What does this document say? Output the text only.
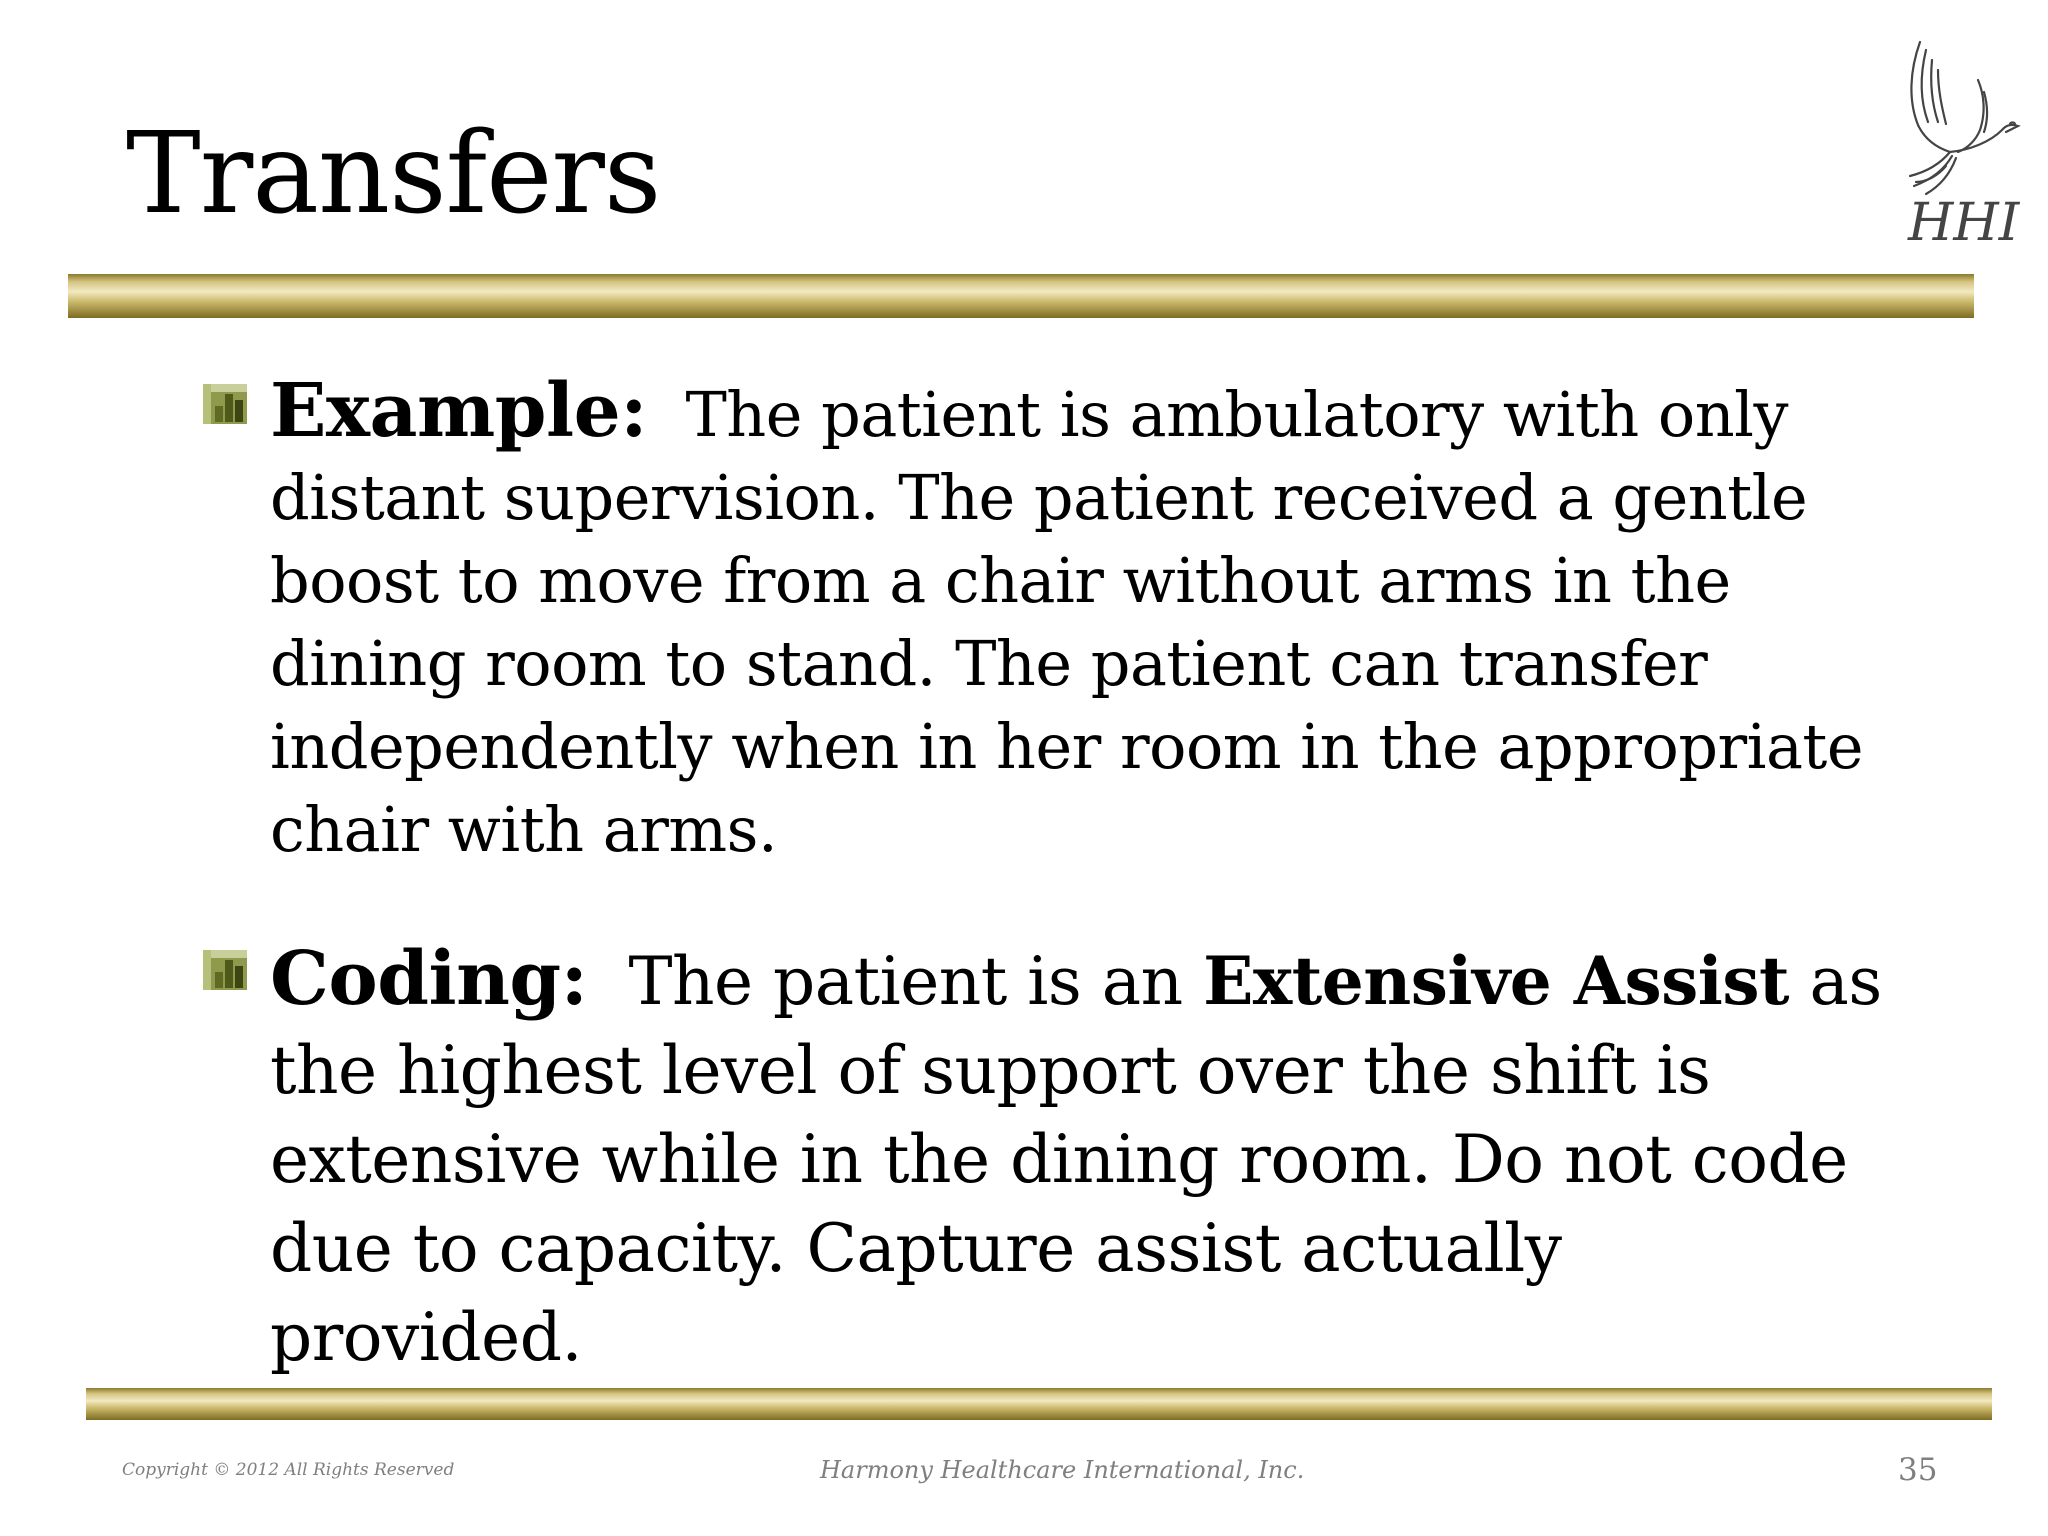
Transfers	HHI
Example: The patient is ambulatory with only
distant supervision. The patient received a gentle
boost to move from a chair without arms in the
dining room to stand. The patient can transfer
independently when in her room in the appropriate
chair with arms.
Coding: The patient is an Extensive Assist as
the highest level of support over the shift is
extensive while in the dining room. Do not code
due to capacity. Capture assist actually
provided.
Copyright © 2012 All Rights Reserved	Harmony Healthcare International, Inc.	35
